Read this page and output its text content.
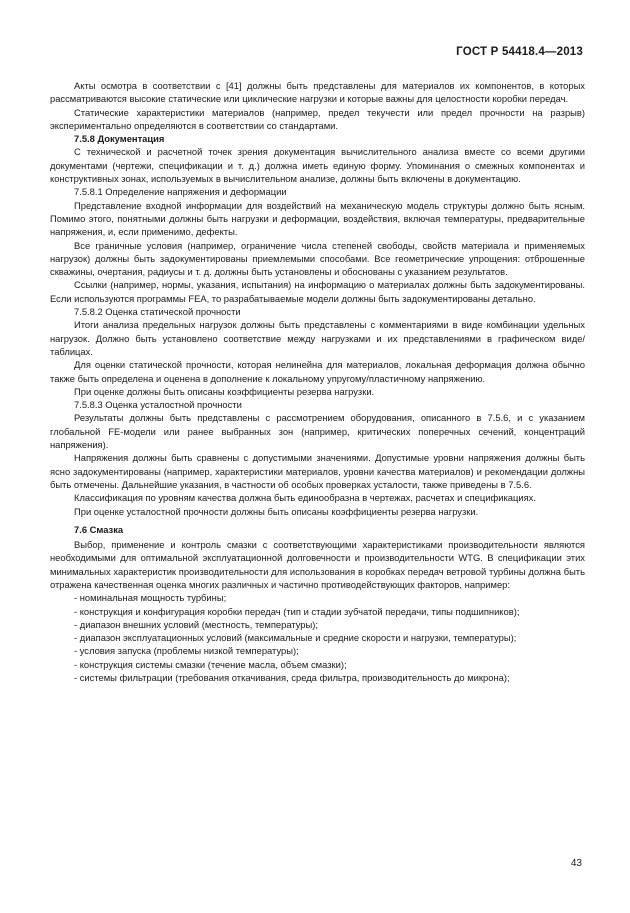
ГОСТ Р 54418.4—2013

Акты осмотра в соответствии с [41] должны быть представлены для материалов их компонентов, в которых рассматриваются высокие статические или циклические нагрузки и которые важны для целостности коробки передач.

Статические характеристики материалов (например, предел текучести или предел прочности на разрыв) экспериментально определяются в соответствии со стандартами.

7.5.8 Документация

С технической и расчетной точек зрения документация вычислительного анализа вместе со всеми другими документами (чертежи, спецификации и т. д.) должна иметь единую форму. Упоминания о смежных компонентах и конструктивных зонах, используемых в вычислительном анализе, должны быть включены в документацию.

7.5.8.1 Определение напряжения и деформации

Представление входной информации для воздействий на механическую модель структуры должно быть ясным. Помимо этого, понятными должны быть нагрузки и деформации, воздействия, включая температуры, предварительные напряжения, и, если применимо, дефекты.

Все граничные условия (например, ограничение числа степеней свободы, свойств материала и применяемых нагрузок) должны быть задокументированы приемлемыми способами. Все геометрические упрощения: отброшенные скважины, очертания, радиусы и т. д. должны быть установлены и обоснованы с указанием результатов.

Ссылки (например, нормы, указания, испытания) на информацию о материалах должны быть задокументированы. Если используются программы FEA, то разрабатываемые модели должны быть задокументированы детально.

7.5.8.2 Оценка статической прочности

Итоги анализа предельных нагрузок должны быть представлены с комментариями в виде комбинации удельных нагрузок. Должно быть установлено соответствие между нагрузками и их представлениями в графическом виде/таблицах.

Для оценки статической прочности, которая нелинейна для материалов, локальная деформация должна обычно также быть определена и оценена в дополнение к локальному упругому/пластичному напряжению.

При оценке должны быть описаны коэффициенты резерва нагрузки.

7.5.8.3 Оценка усталостной прочности

Результаты должны быть представлены с рассмотрением оборудования, описанного в 7.5.6, и с указанием глобальной FE-модели или ранее выбранных зон (например, критических поперечных сечений, концентраций напряжения).

Напряжения должны быть сравнены с допустимыми значениями. Допустимые уровни напряжения должны быть ясно задокументированы (например, характеристики материалов, уровни качества материалов) и рекомендации должны быть отмечены. Дальнейшие указания, в частности об особых проверках усталости, также приведены в 7.5.6.

Классификация по уровням качества должна быть единообразна в чертежах, расчетах и спецификациях.

При оценке усталостной прочности должны быть описаны коэффициенты резерва нагрузки.

7.6 Смазка

Выбор, применение и контроль смазки с соответствующими характеристиками производительности являются необходимыми для оптимальной эксплуатационной долговечности и производительности WTG. В спецификации этих минимальных характеристик производительности для использования в коробках передач ветровой турбины должна быть отражена качественная оценка многих различных и частично противодействующих факторов, например:

- номинальная мощность турбины;

- конструкция и конфигурация коробки передач (тип и стадии зубчатой передачи, типы подшипников);

- диапазон внешних условий (местность, температуры);

- диапазон эксплуатационных условий (максимальные и средние скорости и нагрузки, температуры);

- условия запуска (проблемы низкой температуры);

- конструкция системы смазки (течение масла, объем смазки);

- системы фильтрации (требования откачивания, среда фильтра, производительность до микрона);

43
